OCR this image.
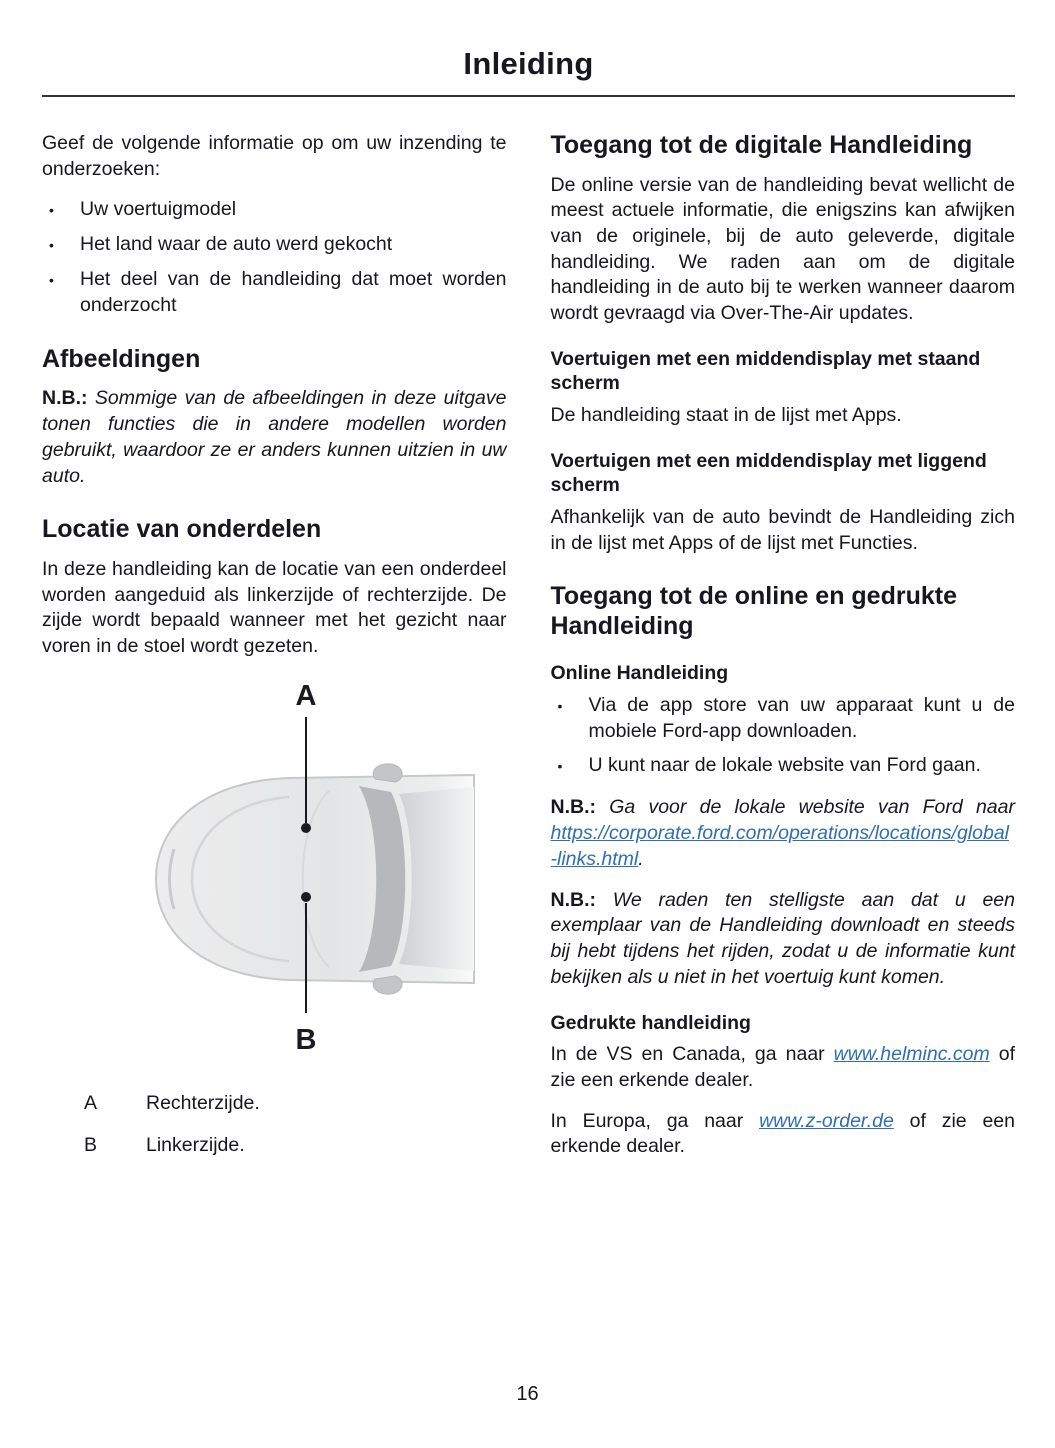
Inleiding

Geef de volgende informatie op om uw inzending te onderzoeken:

•	Uw voertuigmodel
•	Het land waar de auto werd gekocht
•	Het deel van de handleiding dat moet worden onderzocht
Afbeeldingen

N.B.: Sommige van de afbeeldingen in deze uitgave tonen functies die in andere modellen worden gebruikt, waardoor ze er anders kunnen uitzien in uw auto.

Locatie van onderdelen

In deze handleiding kan de locatie van een onderdeel worden aangeduid als linkerzijde of rechterzijde. De zijde wordt bepaald wanneer met het gezicht naar voren in de stoel wordt gezeten.

A
B
A	Rechterzijde.
B	Linkerzijde.
Toegang tot de digitale Handleiding

De online versie van de handleiding bevat wellicht de meest actuele informatie, die enigszins kan afwijken van de originele, bij de auto geleverde, digitale handleiding. We raden aan om de digitale handleiding in de auto bij te werken wanneer daarom wordt gevraagd via Over-The-Air updates.

Voertuigen met een middendisplay met staand scherm

De handleiding staat in de lijst met Apps.

Voertuigen met een middendisplay met liggend scherm

Afhankelijk van de auto bevindt de Handleiding zich in de lijst met Apps of de lijst met Functies.

Toegang tot de online en gedrukte Handleiding
Online Handleiding
•	Via de app store van uw apparaat kunt u de mobiele Ford-app downloaden.
•	U kunt naar de lokale website van Ford gaan.

N.B.: Ga voor de lokale website van Ford naar https://corporate.ford.com/operations/locations/global-links.html.

N.B.: We raden ten stelligste aan dat u een exemplaar van de Handleiding downloadt en steeds bij hebt tijdens het rijden, zodat u de informatie kunt bekijken als u niet in het voertuig kunt komen.

Gedrukte handleiding

In de VS en Canada, ga naar www.helminc.com of zie een erkende dealer.

In Europa, ga naar www.z-order.de of zie een erkende dealer.

16
